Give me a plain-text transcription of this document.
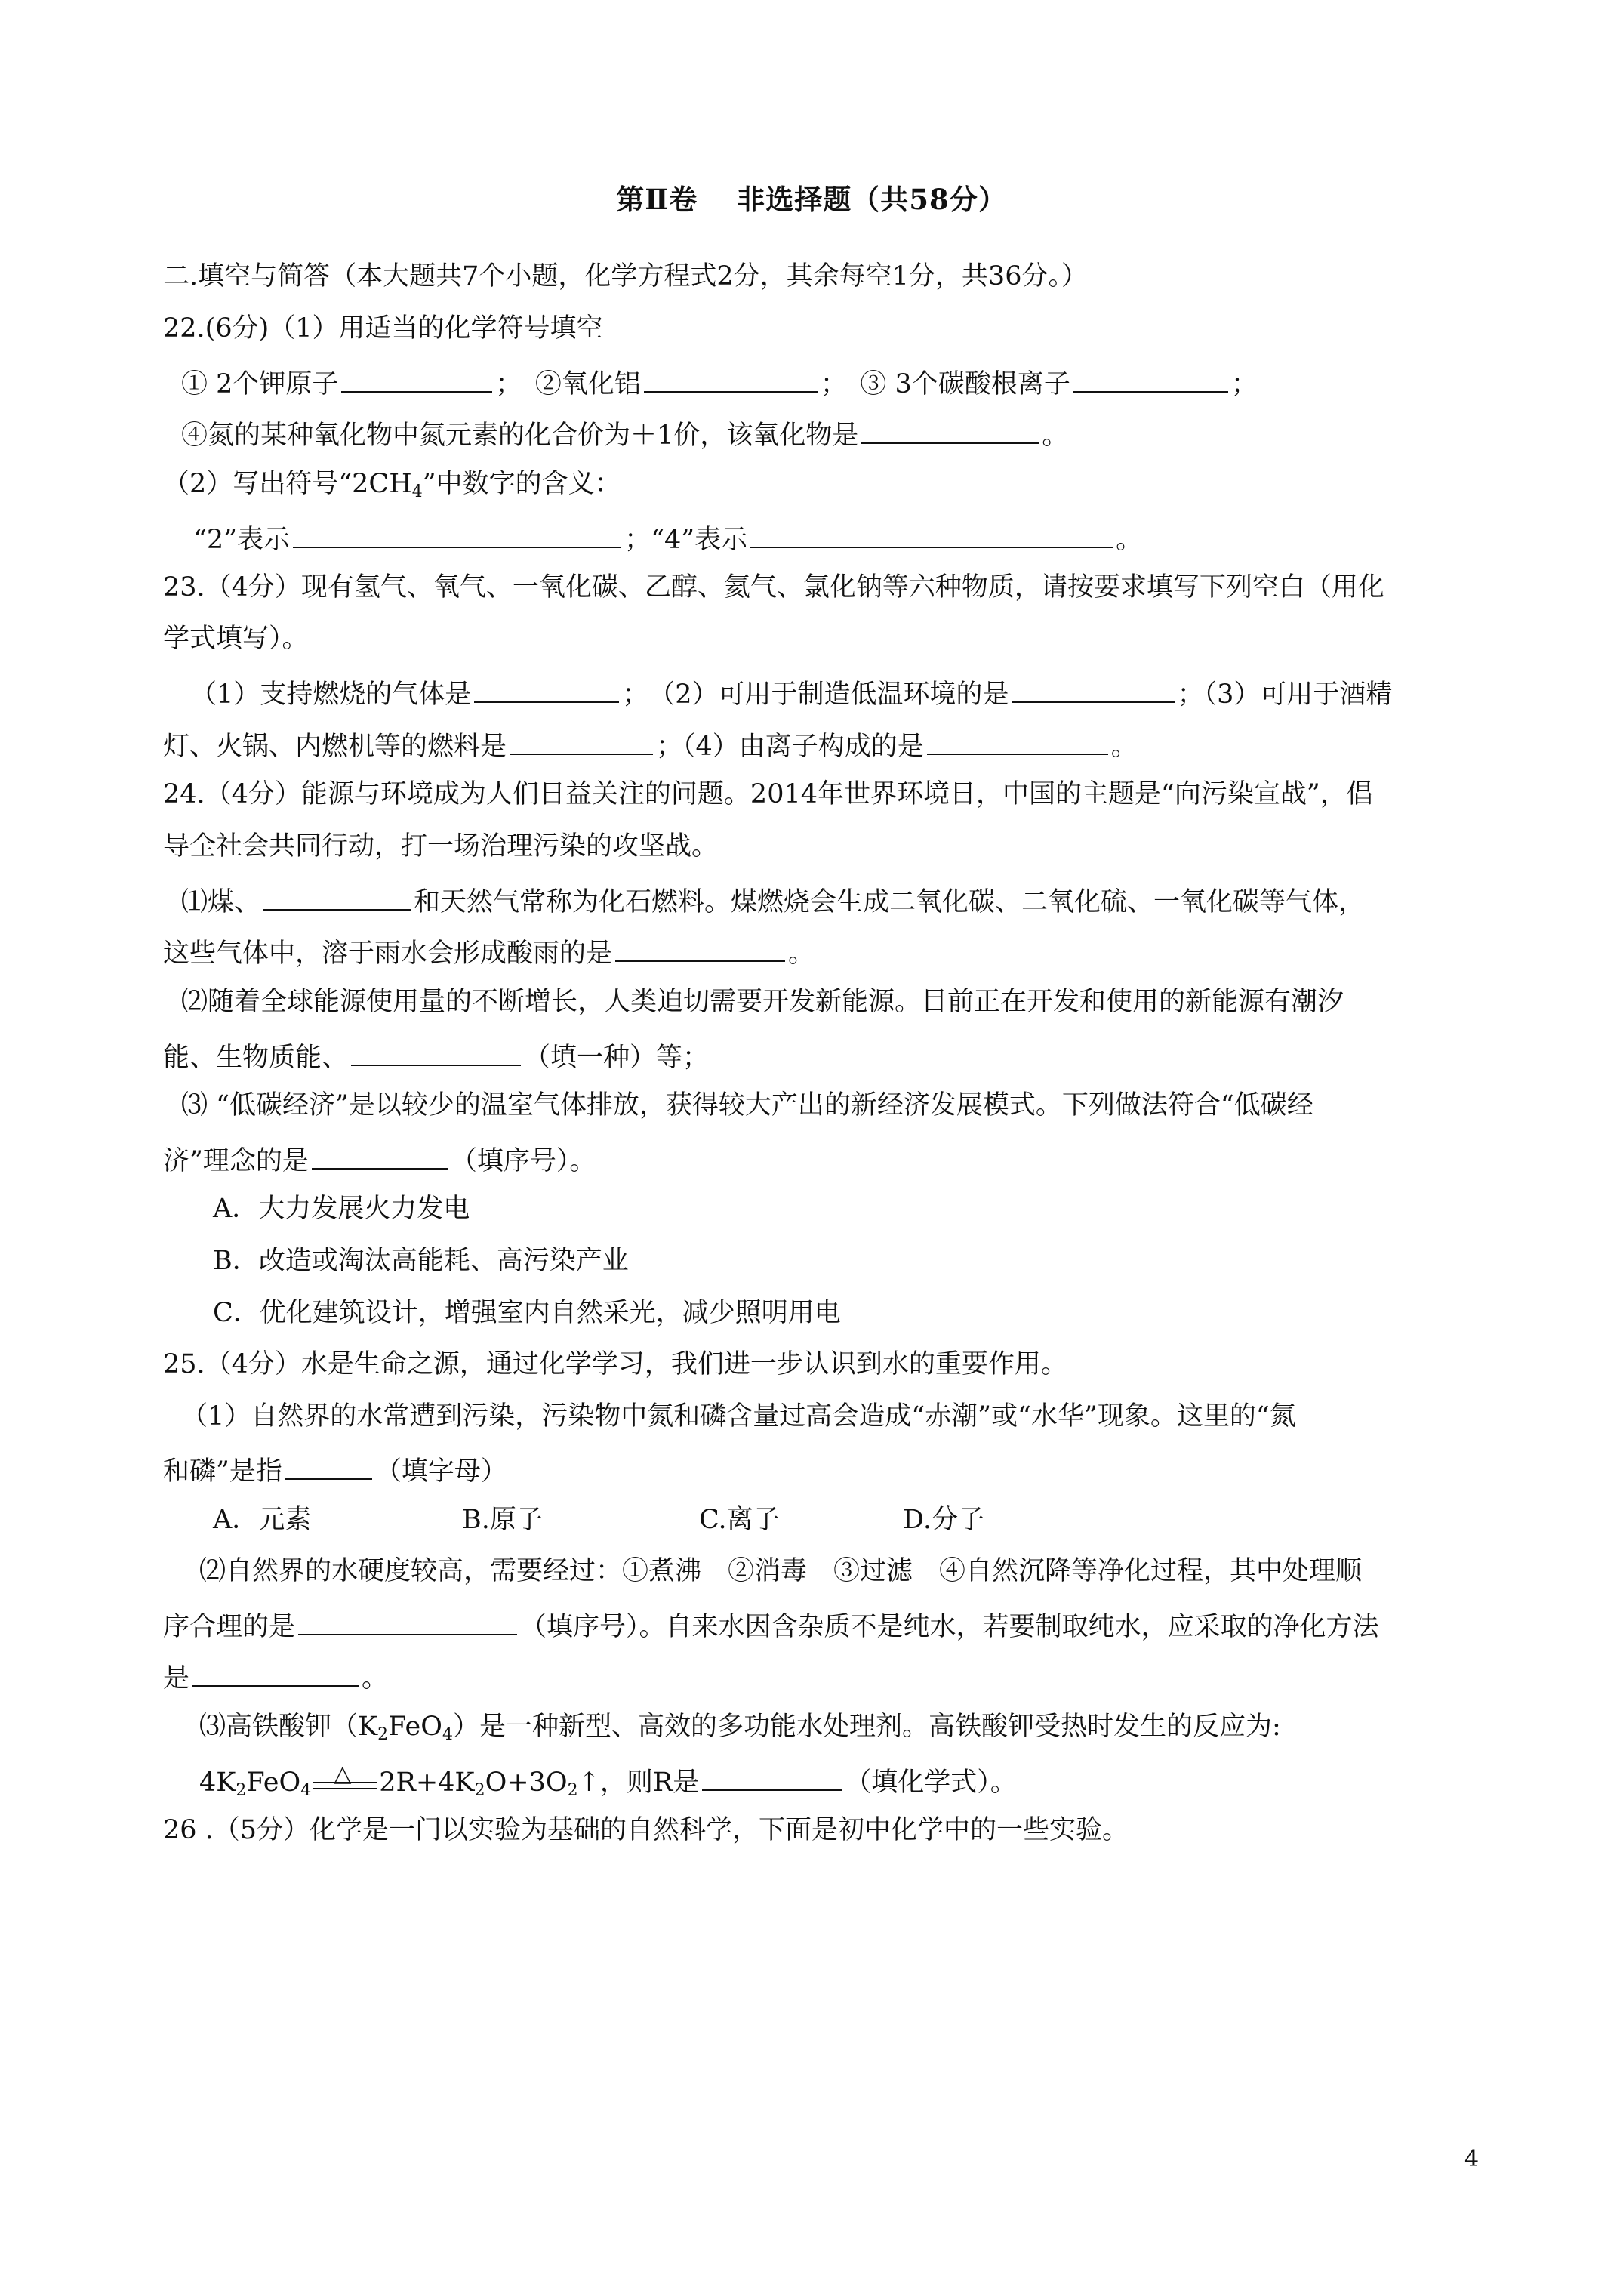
第Ⅱ卷　 非选择题（共58分）
二.填空与简答（本大题共7个小题，化学方程式2分，其余每空1分，共36分。）
22.(6分)（1）用适当的化学符号填空
① 2个钾原子	；　②氧化铝	；　③ 3个碳酸根离子	；
④氮的某种氧化物中氮元素的化合价为＋1价，该氧化物是	。
（2）写出符号“$2CH_4$”中数字的含义：
“2”表示	；“4”表示	。
23.（4分）现有氢气、氧气、一氧化碳、乙醇、氦气、氯化钠等六种物质，请按要求填写下列空白（用化
学式填写）。
（1）支持燃烧的气体是	；　（2）可用于制造低温环境的是	；（3）可用于酒精
灯、火锅、内燃机等的燃料是	；（4）由离子构成的是	。
24.（4分）能源与环境成为人们日益关注的问题。2014年世界环境日，中国的主题是“向污染宣战”，倡
导全社会共同行动，打一场治理污染的攻坚战。
⑴煤、	和天然气常称为化石燃料。煤燃烧会生成二氧化碳、二氧化硫、一氧化碳等气体，
这些气体中，溶于雨水会形成酸雨的是	。
⑵随着全球能源使用量的不断增长，人类迫切需要开发新能源。目前正在开发和使用的新能源有潮汐
能、生物质能、	（填一种）等；
⑶ “低碳经济”是以较少的温室气体排放，获得较大产出的新经济发展模式。下列做法符合“低碳经
济”理念的是	（填序号）。
A．大力发展火力发电
B．改造或淘汰高能耗、高污染产业
C．优化建筑设计，增强室内自然采光，减少照明用电
25.（4分）水是生命之源，通过化学学习，我们进一步认识到水的重要作用。
（1）自然界的水常遭到污染，污染物中氮和磷含量过高会造成“赤潮”或“水华”现象。这里的“氮
和磷”是指	（填字母）
A．元素	B.原子	C.离子	D.分子
⑵自然界的水硬度较高，需要经过：①煮沸　②消毒　③过滤　④自然沉降等净化过程，其中处理顺
序合理的是	（填序号）。自来水因含杂质不是纯水，若要制取纯水，应采取的净化方法
是	。
⑶高铁酸钾$(K_2FeO_4)$是一种新型、高效的多功能水处理剂。高铁酸钾受热时发生的反应为:
$4K_2FeO_4$
△ $2R+4K_2O+3O_2↑$，则R是	（填化学式）。
26 .（5分）化学是一门以实验为基础的自然科学，下面是初中化学中的一些实验。
4
